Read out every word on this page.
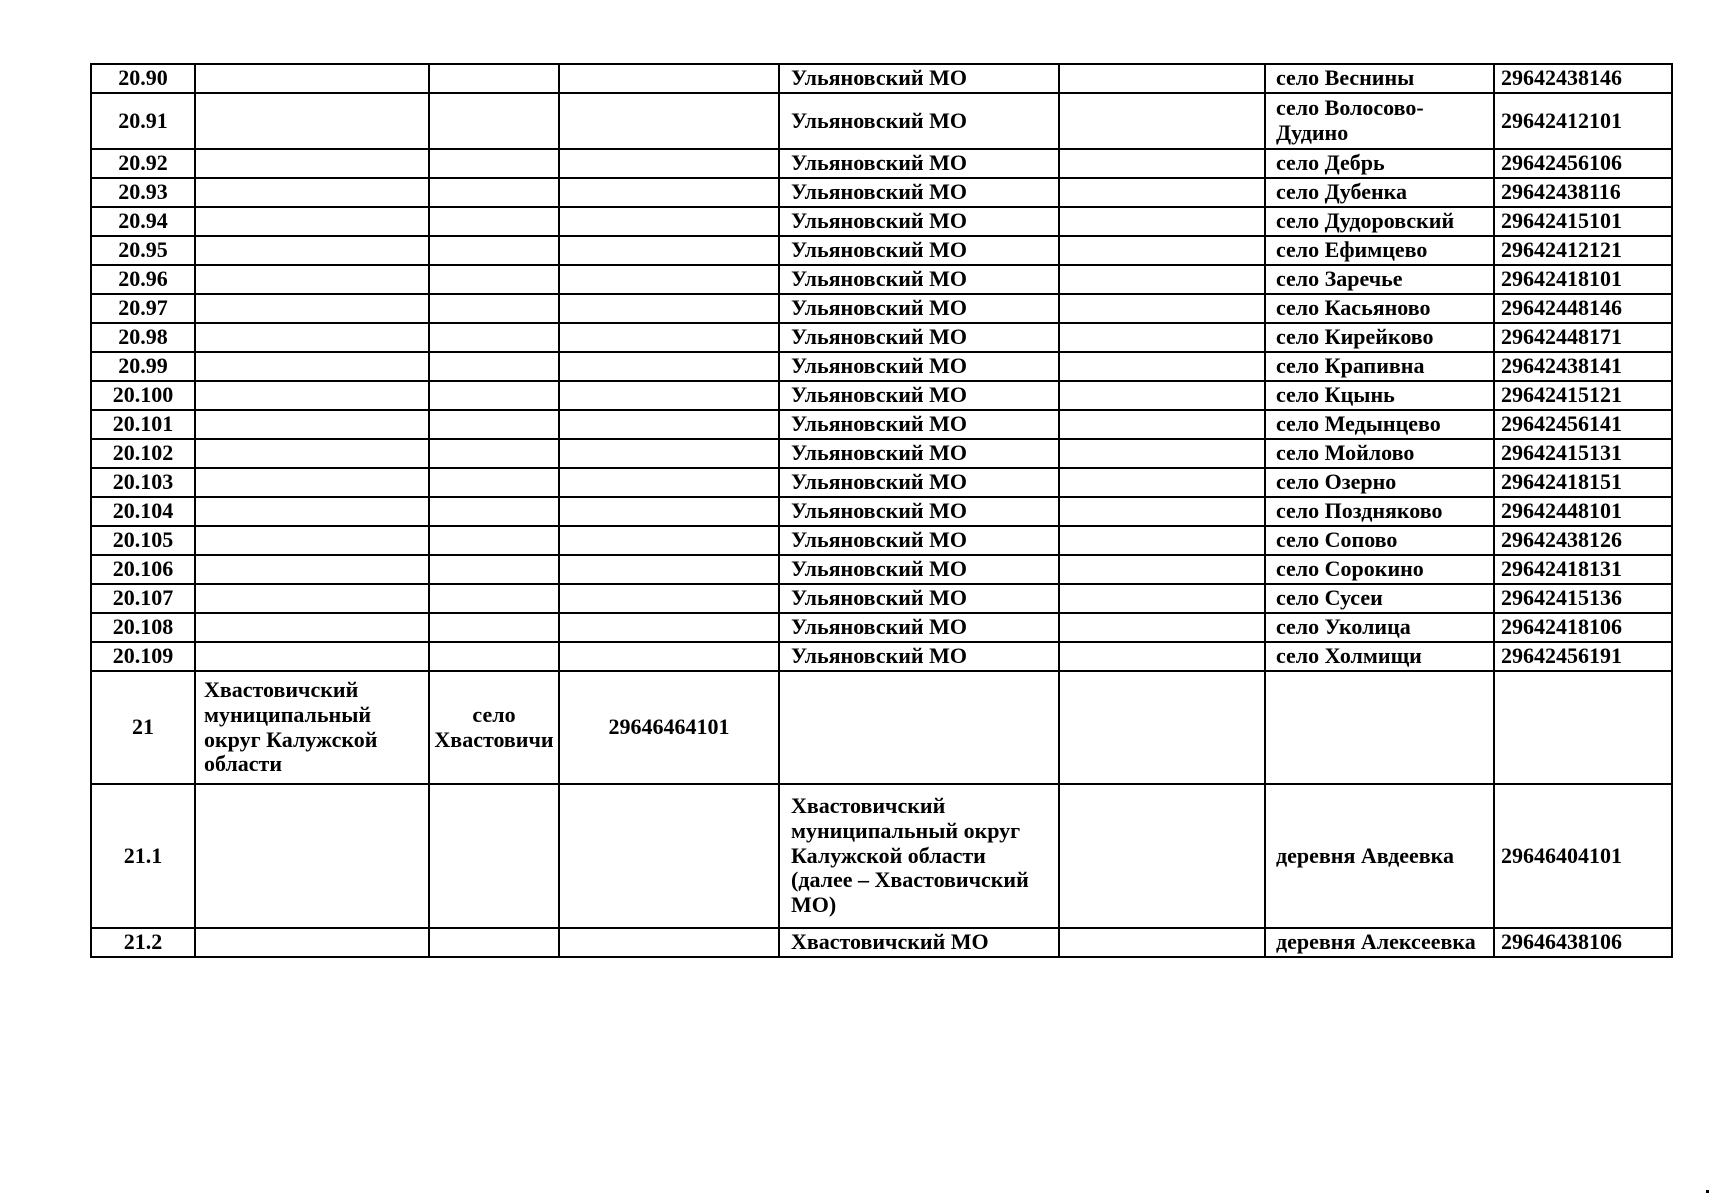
20.90				Ульяновский МО		село Веснины	29642438146
20.91				Ульяновский МО		село Волосово-Дудино	29642412101
20.92				Ульяновский МО		село Дебрь	29642456106
20.93				Ульяновский МО		село Дубенка	29642438116
20.94				Ульяновский МО		село Дудоровский	29642415101
20.95				Ульяновский МО		село Ефимцево	29642412121
20.96				Ульяновский МО		село Заречье	29642418101
20.97				Ульяновский МО		село Касьяново	29642448146
20.98				Ульяновский МО		село Кирейково	29642448171
20.99				Ульяновский МО		село Крапивна	29642438141
20.100				Ульяновский МО		село Кцынь	29642415121
20.101				Ульяновский МО		село Медынцево	29642456141
20.102				Ульяновский МО		село Мойлово	29642415131
20.103				Ульяновский МО		село Озерно	29642418151
20.104				Ульяновский МО		село Поздняково	29642448101
20.105				Ульяновский МО		село Сопово	29642438126
20.106				Ульяновский МО		село Сорокино	29642418131
20.107				Ульяновский МО		село Сусеи	29642415136
20.108				Ульяновский МО		село Уколица	29642418106
20.109				Ульяновский МО		село Холмищи	29642456191
21	Хвастовичский муниципальный округ Калужской области	село Хвастовичи	29646464101				
21.1				Хвастовичский муниципальный округ Калужской области (далее – Хвастовичский МО)		деревня Авдеевка	29646404101
21.2				Хвастовичский МО		деревня Алексеевка	29646438106
